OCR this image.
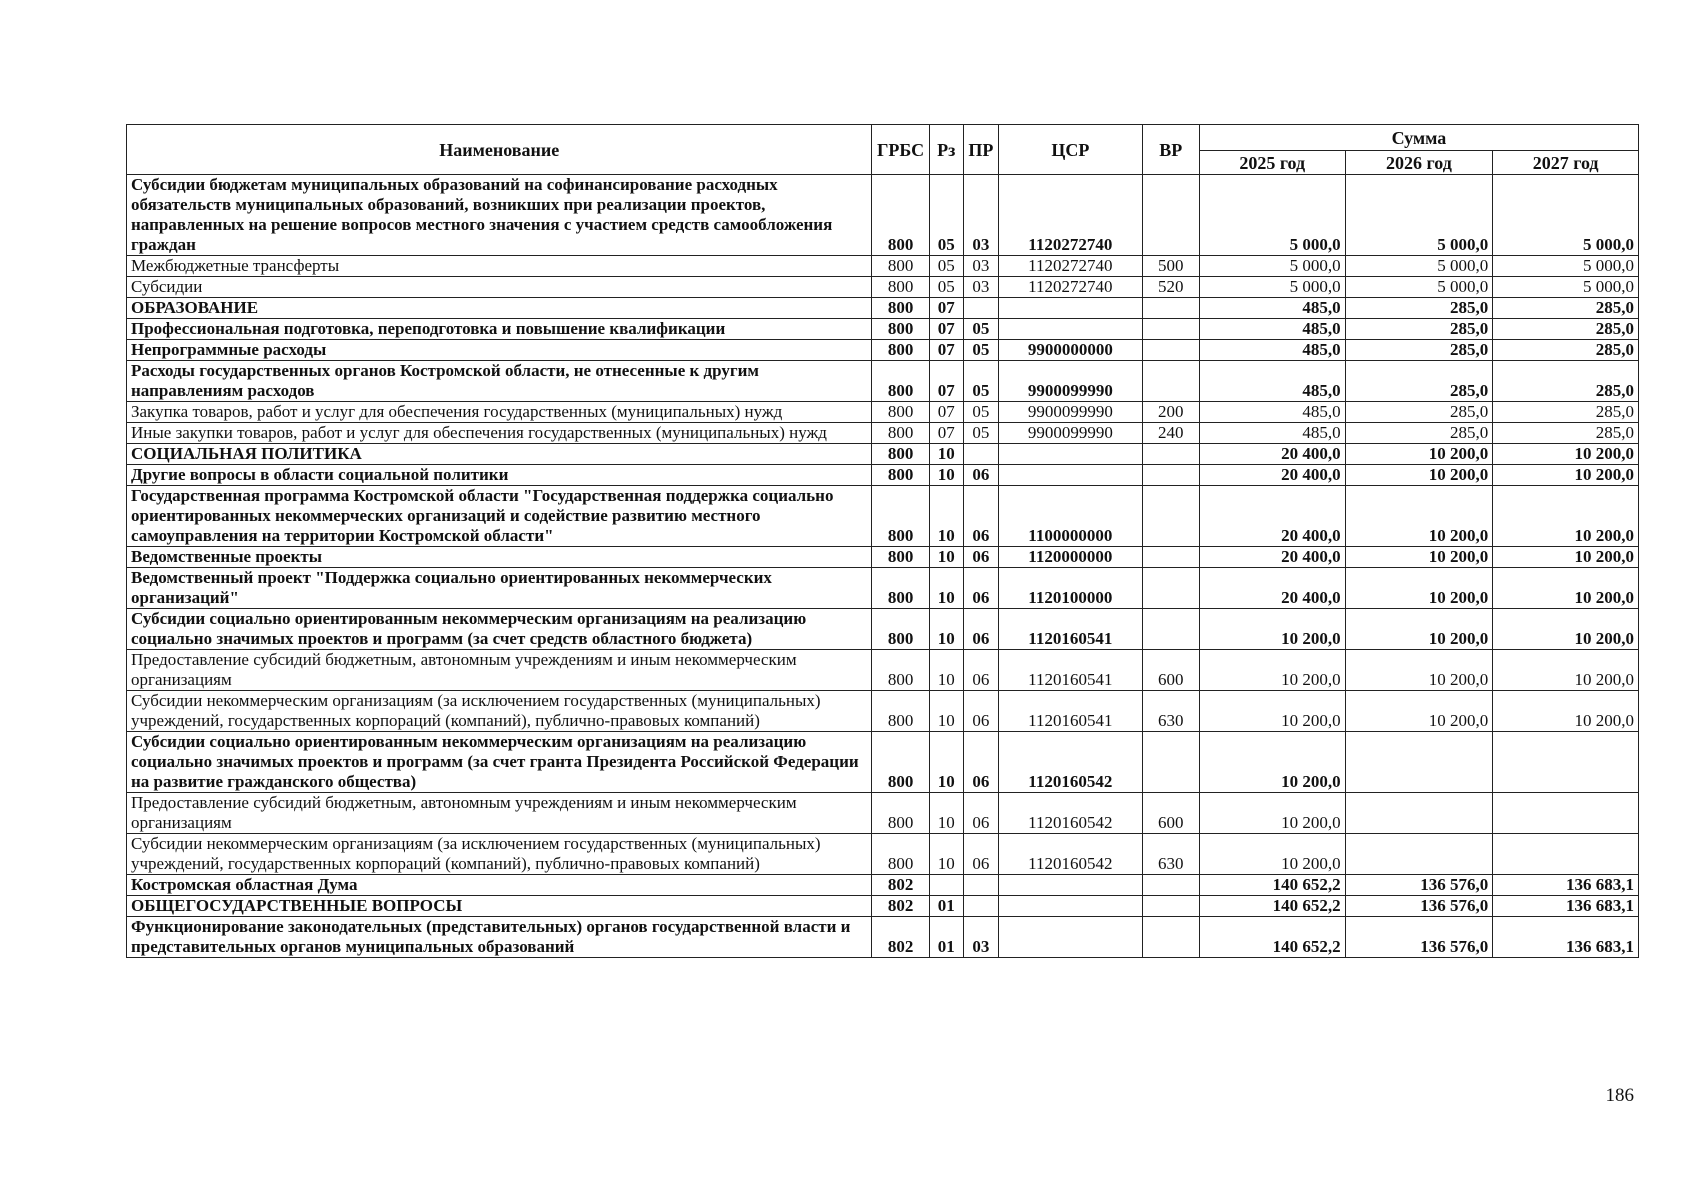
Наименование	ГРБС	Рз	ПР	ЦСР	ВР	Сумма		
						2025 год	2026 год	2027 год
Субсидии бюджетам муниципальных образований на софинансирование расходных обязательств муниципальных образований, возникших при реализации проектов, направленных на решение вопросов местного значения с участием средств самообложения граждан	800	05	03	1120272740		5 000,0	5 000,0	5 000,0
Межбюджетные трансферты	800	05	03	1120272740	500	5 000,0	5 000,0	5 000,0
Субсидии	800	05	03	1120272740	520	5 000,0	5 000,0	5 000,0
ОБРАЗОВАНИЕ	800	07				485,0	285,0	285,0
Профессиональная подготовка, переподготовка и повышение квалификации	800	07	05			485,0	285,0	285,0
Непрограммные расходы	800	07	05	9900000000		485,0	285,0	285,0
Расходы государственных органов Костромской области, не отнесенные к другим направлениям расходов	800	07	05	9900099990		485,0	285,0	285,0
Закупка товаров, работ и услуг для обеспечения государственных (муниципальных) нужд	800	07	05	9900099990	200	485,0	285,0	285,0
Иные закупки товаров, работ и услуг для обеспечения государственных (муниципальных) нужд	800	07	05	9900099990	240	485,0	285,0	285,0
СОЦИАЛЬНАЯ ПОЛИТИКА	800	10				20 400,0	10 200,0	10 200,0
Другие вопросы в области социальной политики	800	10	06			20 400,0	10 200,0	10 200,0
Государственная программа Костромской области "Государственная поддержка социально ориентированных некоммерческих организаций и содействие развитию местного самоуправления на территории Костромской области"	800	10	06	1100000000		20 400,0	10 200,0	10 200,0
Ведомственные проекты	800	10	06	1120000000		20 400,0	10 200,0	10 200,0
Ведомственный проект "Поддержка социально ориентированных некоммерческих организаций"	800	10	06	1120100000		20 400,0	10 200,0	10 200,0
Субсидии социально ориентированным некоммерческим организациям на реализацию социально значимых проектов и программ (за счет средств областного бюджета)	800	10	06	1120160541		10 200,0	10 200,0	10 200,0
Предоставление субсидий бюджетным, автономным учреждениям и иным некоммерческим организациям	800	10	06	1120160541	600	10 200,0	10 200,0	10 200,0
Субсидии некоммерческим организациям (за исключением государственных (муниципальных) учреждений, государственных корпораций (компаний), публично-правовых компаний)	800	10	06	1120160541	630	10 200,0	10 200,0	10 200,0
Субсидии социально ориентированным некоммерческим организациям на реализацию социально значимых проектов и программ (за счет гранта Президента Российской Федерации на развитие гражданского общества)	800	10	06	1120160542		10 200,0		
Предоставление субсидий бюджетным, автономным учреждениям и иным некоммерческим организациям	800	10	06	1120160542	600	10 200,0		
Субсидии некоммерческим организациям (за исключением государственных (муниципальных) учреждений, государственных корпораций (компаний), публично-правовых компаний)	800	10	06	1120160542	630	10 200,0		
Костромская областная Дума	802					140 652,2	136 576,0	136 683,1
ОБЩЕГОСУДАРСТВЕННЫЕ ВОПРОСЫ	802	01				140 652,2	136 576,0	136 683,1
Функционирование законодательных (представительных) органов государственной власти и представительных органов муниципальных образований	802	01	03			140 652,2	136 576,0	136 683,1
186
